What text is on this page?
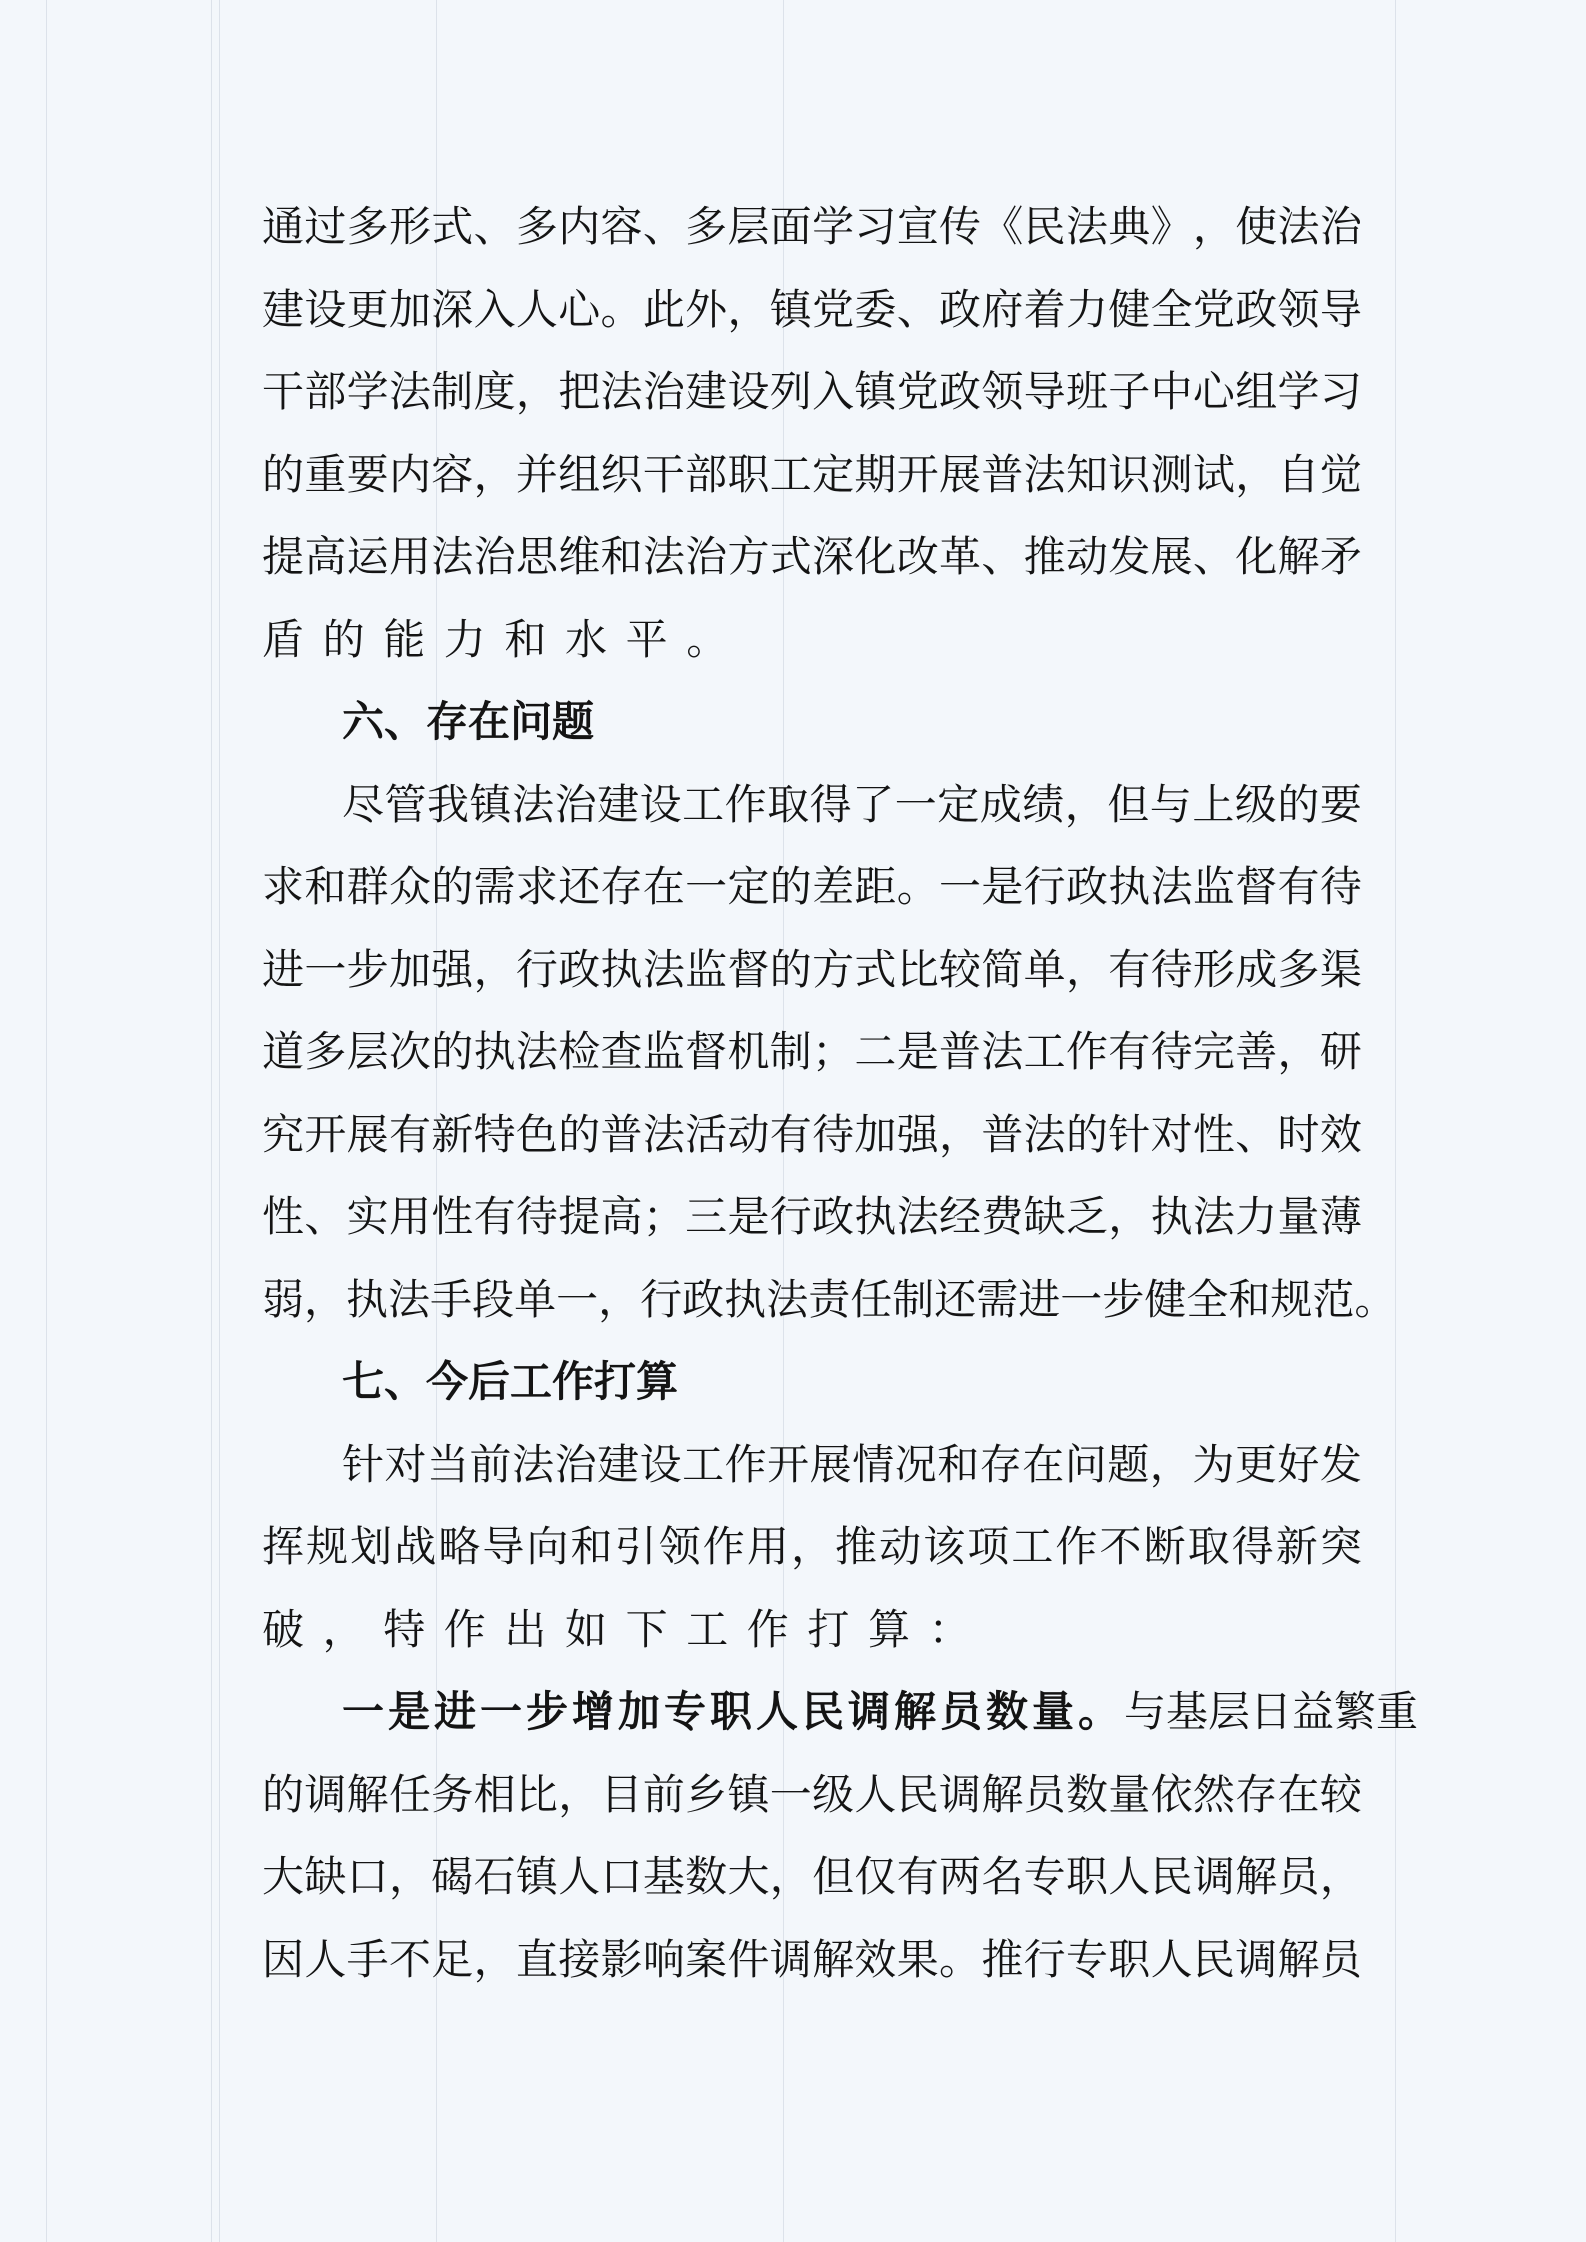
通 过 多 形 式 、 多 内 容 、 多 层 面 学 习 宣 传 《 民 法 典 》 ， 使 法 治
建 设 更 加 深 入 人 心 。 此 外 ， 镇 党 委 、 政 府 着 力 健 全 党 政 领 导
干 部 学 法 制 度 ， 把 法 治 建 设 列 入 镇 党 政 领 导 班 子 中 心 组 学 习
的 重 要 内 容 ， 并 组 织 干 部 职 工 定 期 开 展 普 法 知 识 测 试 ， 自 觉
提 高 运 用 法 治 思 维 和 法 治 方 式 深 化 改 革 、 推 动 发 展 、 化 解 矛
盾的能力和水平。
六、存在问题
尽 管 我 镇 法 治 建 设 工 作 取 得 了 一 定 成 绩 ， 但 与 上 级 的 要
求 和 群 众 的 需 求 还 存 在 一 定 的 差 距 。 一 是 行 政 执 法 监 督 有 待
进 一 步 加 强 ， 行 政 执 法 监 督 的 方 式 比 较 简 单 ， 有 待 形 成 多 渠
道 多 层 次 的 执 法 检 查 监 督 机 制 ； 二 是 普 法 工 作 有 待 完 善 ， 研
究 开 展 有 新 特 色 的 普 法 活 动 有 待 加 强 ， 普 法 的 针 对 性 、 时 效
性 、 实 用 性 有 待 提 高 ； 三 是 行 政 执 法 经 费 缺 乏 ， 执 法 力 量 薄
弱 ， 执 法 手 段 单 一 ， 行 政 执 法 责 任 制 还 需 进 一 步 健 全 和 规 范 。
七、今后工作打算
针 对 当 前 法 治 建 设 工 作 开 展 情 况 和 存 在 问 题 ， 为 更 好 发
挥 规 划 战 略 导 向 和 引 领 作 用 ， 推 动 该 项 工 作 不 断 取 得 新 突
破，特作出如下工作打算：
一是进一步增加专职人民调解员数量。与基层日益繁重
的 调 解 任 务 相 比 ， 目 前 乡 镇 一 级 人 民 调 解 员 数 量 依 然 存 在 较
大 缺 口 ， 碣 石 镇 人 口 基 数 大 ， 但 仅 有 两 名 专 职 人 民 调 解 员 ，
因 人 手 不 足 ， 直 接 影 响 案 件 调 解 效 果 。 推 行 专 职 人 民 调 解 员
